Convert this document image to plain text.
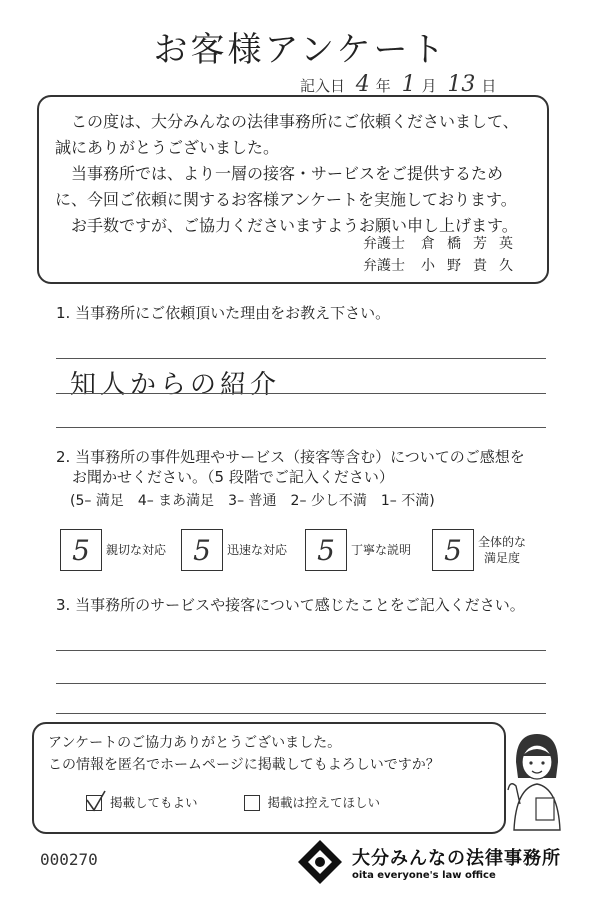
お客様アンケート
記入日 4 年 1 月 13 日

この度は、大分みんなの法律事務所にご依頼くださいまして、

誠にありがとうございました。

当事務所では、より一層の接客・サービスをご提供するため

に、今回ご依頼に関するお客様アンケートを実施しております。

お手数ですが、ご協力くださいますようお願い申し上げます。

弁護士 倉橋芳英
弁護士 小野貴久
1. 当事務所にご依頼頂いた理由をお教え下さい。
知人からの紹介
2. 当事務所の事件処理やサービス（接客等含む）についてのご感想を
お聞かせください。（5 段階でご記入ください）
(5– 満足　4– まあ満足　3– 普通　2– 少し不満　1– 不満)
5	親切な対応 5	迅速な対応	5	丁寧な説明	5	全体的な
満足度
3. 当事務所のサービスや接客について感じたことをご記入ください。

アンケートのご協力ありがとうございました。

この情報を匿名でホームページに掲載してもよろしいですか？

掲載してもよい	掲載は控えてほしい
000270	大分みんなの法律事務所
oita everyone's law office
